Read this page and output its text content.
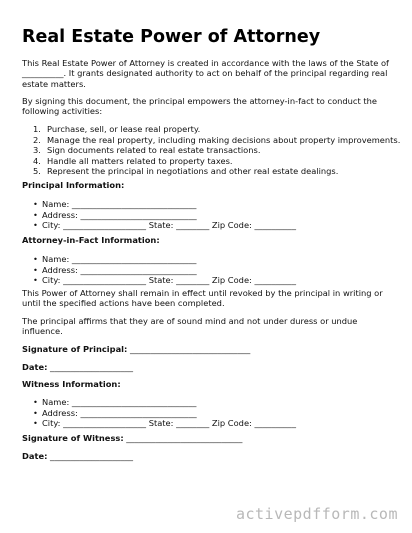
Real Estate Power of Attorney
This Real Estate Power of Attorney is created in accordance with the laws of the State of
__________. It grants designated authority to act on behalf of the principal regarding real
estate matters.
By signing this document, the principal empowers the attorney-in-fact to conduct the
following activities:
1. Purchase, sell, or lease real property.
2. Manage the real property, including making decisions about property improvements.
3. Sign documents related to real estate transactions.
4. Handle all matters related to property taxes.
5. Represent the principal in negotiations and other real estate dealings.
Principal Information:
• Name: ______________________________
• Address: ____________________________
• City: ____________________ State: ________ Zip Code: __________
Attorney-in-Fact Information:
• Name: ______________________________
• Address: ____________________________
• City: ____________________ State: ________ Zip Code: __________
This Power of Attorney shall remain in effect until revoked by the principal in writing or
until the specified actions have been completed.
The principal affirms that they are of sound mind and not under duress or undue
influence.
Signature of Principal: _____________________________
Date: ____________________
Witness Information:
• Name: ______________________________
• Address: ____________________________
• City: ____________________ State: ________ Zip Code: __________
Signature of Witness: ____________________________
Date: ____________________
activepdfform.com
